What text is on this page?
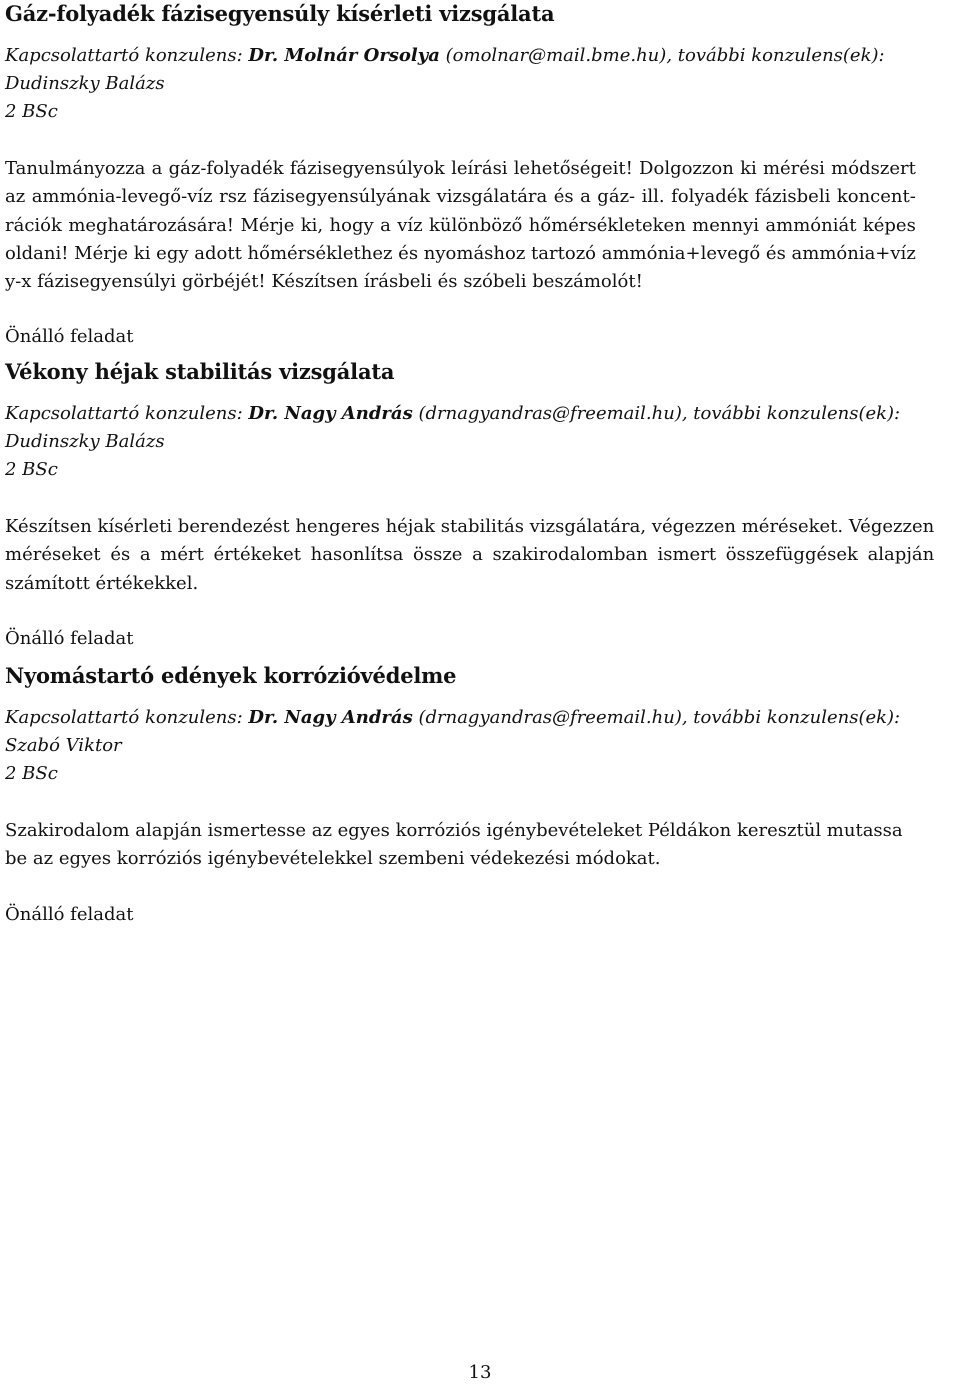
Gáz-folyadék fázisegyensúly kísérleti vizsgálata
Kapcsolattartó konzulens: Dr. Molnár Orsolya (omolnar@mail.bme.hu), további konzulens(ek):
Dudinszky Balázs
2 BSc
Tanulmányozza a gáz-folyadék fázisegyensúlyok leírási lehetőségeit! Dolgozzon ki mérési módszert
az ammónia-levegő-víz rsz fázisegyensúlyának vizsgálatára és a gáz- ill. folyadék fázisbeli koncent-
rációk meghatározására! Mérje ki, hogy a víz különböző hőmérsékleteken mennyi ammóniát képes
oldani! Mérje ki egy adott hőmérséklethez és nyomáshoz tartozó ammónia+levegő és ammónia+víz
y-x fázisegyensúlyi görbéjét! Készítsen írásbeli és szóbeli beszámolót!
Önálló feladat
Vékony héjak stabilitás vizsgálata
Kapcsolattartó konzulens: Dr. Nagy András (drnagyandras@freemail.hu), további konzulens(ek):
Dudinszky Balázs
2 BSc
Készítsen kísérleti berendezést hengeres héjak stabilitás vizsgálatára, végezzen méréseket. Végezzen
méréseket és a mért értékeket hasonlítsa össze a szakirodalomban ismert összefüggések alapján
számított értékekkel.
Önálló feladat
Nyomástartó edények korrózióvédelme
Kapcsolattartó konzulens: Dr. Nagy András (drnagyandras@freemail.hu), további konzulens(ek):
Szabó Viktor
2 BSc
Szakirodalom alapján ismertesse az egyes korróziós igénybevételeket Példákon keresztül mutassa
be az egyes korróziós igénybevételekkel szembeni védekezési módokat.
Önálló feladat
13
